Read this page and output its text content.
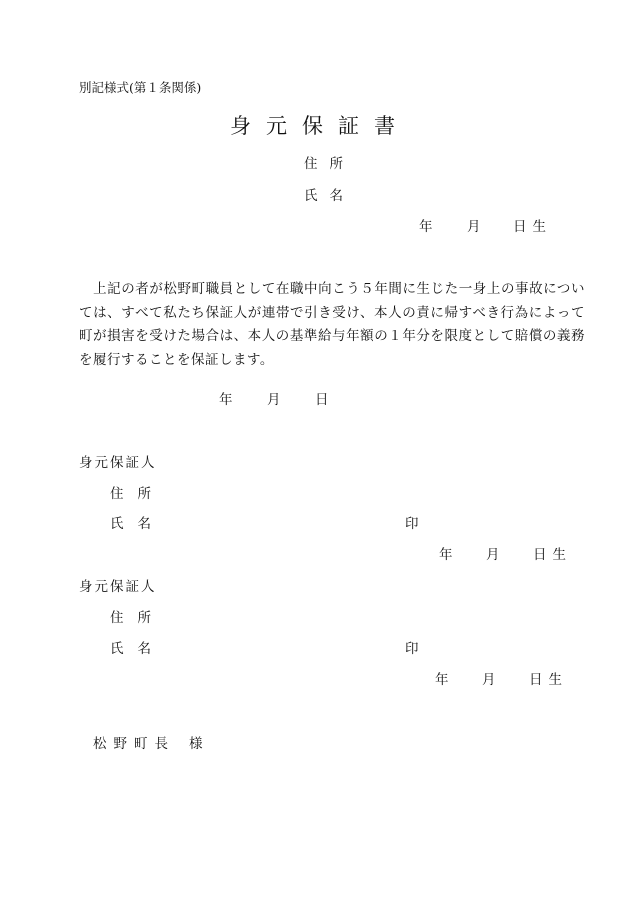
別記様式(第１条関係)
身元保証書
住所
氏名
年	月 日生

上記の者が松野町職員として在職中向こう５年間に生じた一身上の事故については、すべて私たち保証人が連帯で引き受け、本人の責に帰すべき行為によって町が損害を受けた場合は、本人の基準給与年額の１年分を限度として賠償の義務を履行することを保証します。

年	月	日
身元保証人
住所
氏名	印
年 月 日生
身元保証人
住所
氏名	印
年 月 日生
松野町長 様
